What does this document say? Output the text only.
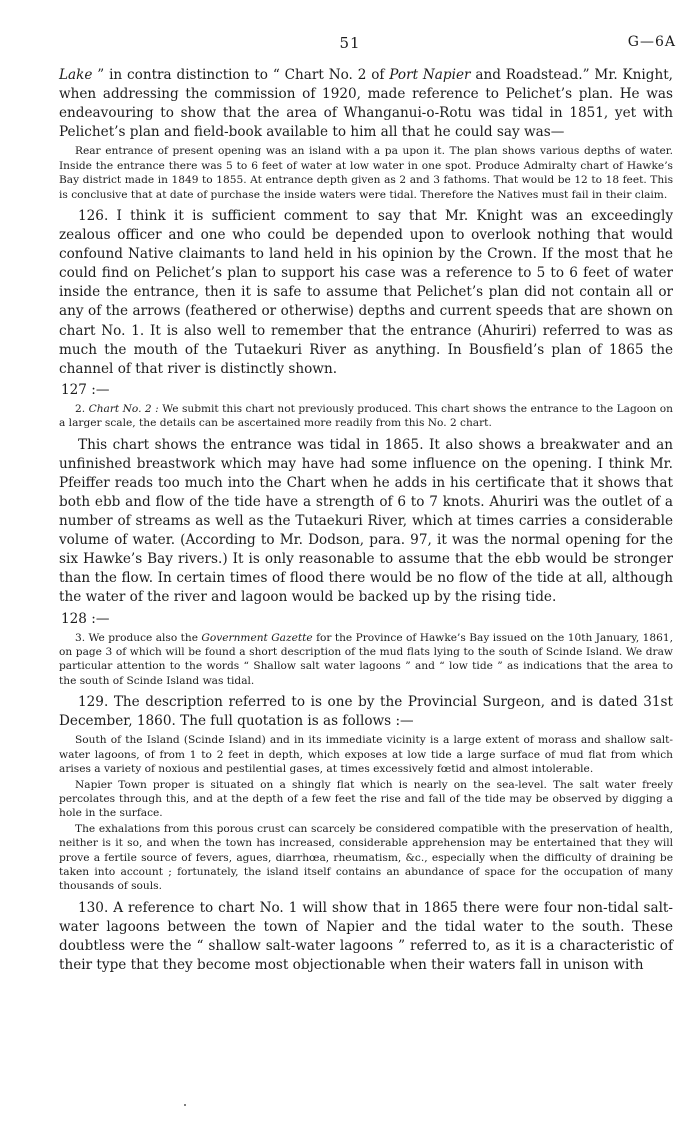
51	G—6A

Lake ” in contra distinction to “ Chart No. 2 of Port Napier and Roadstead.” Mr. Knight, when addressing the commission of 1920, made reference to Pelichet’s plan. He was endeavouring to show that the area of Whanganui-o-Rotu was tidal in 1851, yet with Pelichet’s plan and field-book available to him all that he could say was—

Rear entrance of present opening was an island with a pa upon it. The plan shows various depths of water. Inside the entrance there was 5 to 6 feet of water at low water in one spot. Produce Admiralty chart of Hawke’s Bay district made in 1849 to 1855. At entrance depth given as 2 and 3 fathoms. That would be 12 to 18 feet. This is conclusive that at date of purchase the inside waters were tidal. Therefore the Natives must fail in their claim.

126. I think it is sufficient comment to say that Mr. Knight was an exceedingly zealous officer and one who could be depended upon to overlook nothing that would confound Native claimants to land held in his opinion by the Crown. If the most that he could find on Pelichet’s plan to support his case was a reference to 5 to 6 feet of water inside the entrance, then it is safe to assume that Pelichet’s plan did not contain all or any of the arrows (feathered or otherwise) depths and current speeds that are shown on chart No. 1. It is also well to remember that the entrance (Ahuriri) referred to was as much the mouth of the Tutaekuri River as anything. In Bousfield’s plan of 1865 the channel of that river is distinctly shown.

127 :—

2. Chart No. 2 : We submit this chart not previously produced. This chart shows the entrance to the Lagoon on a larger scale, the details can be ascertained more readily from this No. 2 chart.

This chart shows the entrance was tidal in 1865. It also shows a breakwater and an unfinished breastwork which may have had some influence on the opening. I think Mr. Pfeiffer reads too much into the Chart when he adds in his certificate that it shows that both ebb and flow of the tide have a strength of 6 to 7 knots. Ahuriri was the outlet of a number of streams as well as the Tutaekuri River, which at times carries a considerable volume of water. (According to Mr. Dodson, para. 97, it was the normal opening for the six Hawke’s Bay rivers.) It is only reasonable to assume that the ebb would be stronger than the flow. In certain times of flood there would be no flow of the tide at all, although the water of the river and lagoon would be backed up by the rising tide.

128 :—

3. We produce also the Government Gazette for the Province of Hawke’s Bay issued on the 10th January, 1861, on page 3 of which will be found a short description of the mud flats lying to the south of Scinde Island. We draw particular attention to the words “ Shallow salt water lagoons ” and “ low tide ” as indications that the area to the south of Scinde Island was tidal.

129. The description referred to is one by the Provincial Surgeon, and is dated 31st December, 1860. The full quotation is as follows :—

South of the Island (Scinde Island) and in its immediate vicinity is a large extent of morass and shallow salt-water lagoons, of from 1 to 2 feet in depth, which exposes at low tide a large surface of mud flat from which arises a variety of noxious and pestilential gases, at times excessively fœtid and almost intolerable.

Napier Town proper is situated on a shingly flat which is nearly on the sea-level. The salt water freely percolates through this, and at the depth of a few feet the rise and fall of the tide may be observed by digging a hole in the surface.

The exhalations from this porous crust can scarcely be considered compatible with the preservation of health, neither is it so, and when the town has increased, considerable apprehension may be entertained that they will prove a fertile source of fevers, agues, diarrhœa, rheumatism, &c., especially when the difficulty of draining be taken into account ; fortunately, the island itself contains an abundance of space for the occupation of many thousands of souls.

130. A reference to chart No. 1 will show that in 1865 there were four non-tidal salt-water lagoons between the town of Napier and the tidal water to the south. These doubtless were the “ shallow salt-water lagoons ” referred to, as it is a characteristic of their type that they become most objectionable when their waters fall in unison with
